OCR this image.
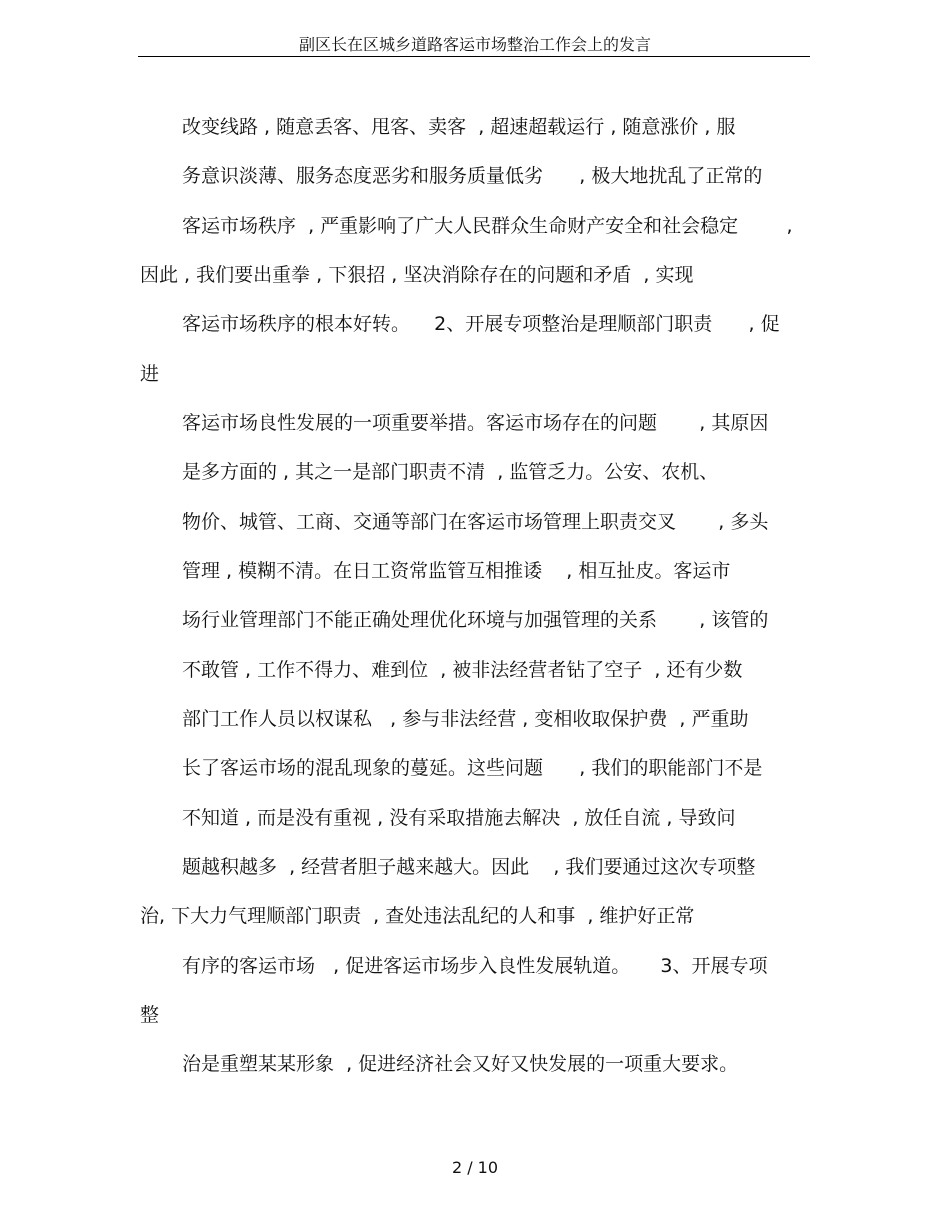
副区长在区城乡道路客运市场整治工作会上的发言
改变线路 , 随意丢客、甩客、卖客  , 超速超载运行 , 随意涨价 , 服
务意识淡薄、服务态度恶劣和服务质量低劣      , 极大地扰乱了正常的
客运市场秩序  , 严重影响了广大人民群众生命财产安全和社会稳定        ,
因此 , 我们要出重拳 , 下狠招 , 坚决消除存在的问题和矛盾  , 实现
客运市场秩序的根本好转。    2、开展专项整治是理顺部门职责      , 促
进
客运市场良性发展的一项重要举措。客运市场存在的问题       , 其原因
是多方面的 , 其之一是部门职责不清  , 监管乏力。公安、农机、
物价、城管、工商、交通等部门在客运市场管理上职责交叉       , 多头
管理 , 模糊不清。在日工资常监管互相推诿    , 相互扯皮。客运市
场行业管理部门不能正确处理优化环境与加强管理的关系       , 该管的
不敢管 , 工作不得力、难到位  , 被非法经营者钻了空子  , 还有少数
部门工作人员以权谋私   , 参与非法经营 , 变相收取保护费  , 严重助
长了客运市场的混乱现象的蔓延。这些问题      , 我们的职能部门不是
不知道 , 而是没有重视 , 没有采取措施去解决  , 放任自流 , 导致问
题越积越多  , 经营者胆子越来越大。因此    , 我们要通过这次专项整
治, 下大力气理顺部门职责  , 查处违法乱纪的人和事  , 维护好正常
有序的客运市场   , 促进客运市场步入良性发展轨道。     3、开展专项
整
治是重塑某某形象  , 促进经济社会又好又快发展的一项重大要求。
2 / 10
